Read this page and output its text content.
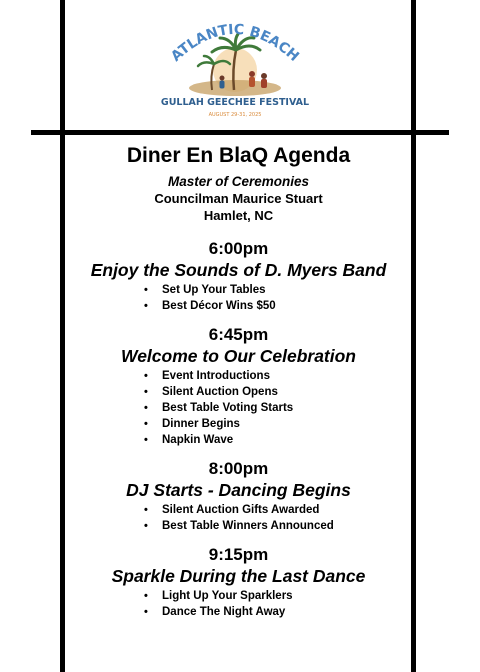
ATLANTIC BEACH
GULLAH GEECHEE FESTIVAL
AUGUST 29-31, 2025
Diner En BlaQ Agenda
Master of Ceremonies
Councilman Maurice Stuart
Hamlet, NC
6:00pm
Enjoy the Sounds of D. Myers Band
• Set Up Your Tables
• Best Décor Wins $50
6:45pm
Welcome to Our Celebration
• Event Introductions
• Silent Auction Opens
• Best Table Voting Starts
• Dinner Begins
• Napkin Wave
8:00pm
DJ Starts - Dancing Begins
• Silent Auction Gifts Awarded
• Best Table Winners Announced
9:15pm
Sparkle During the Last Dance
• Light Up Your Sparklers
• Dance The Night Away
